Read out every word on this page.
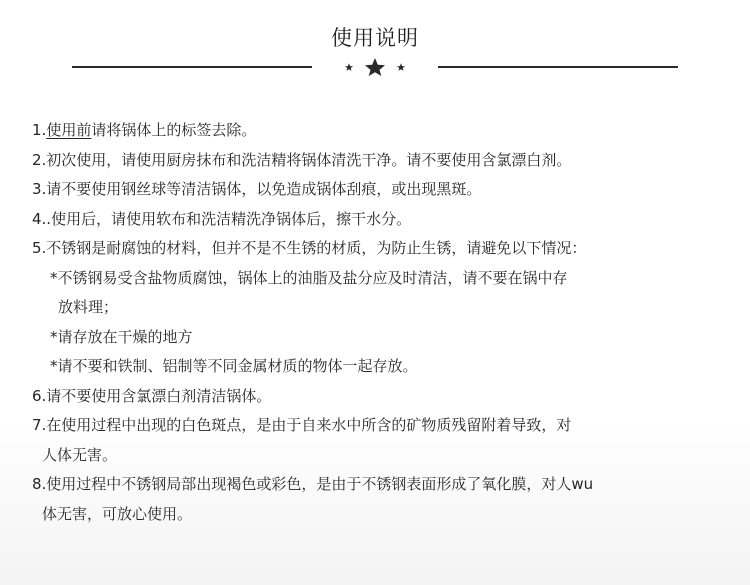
使用说明
1.使用前请将锅体上的标签去除。
2.初次使用，请使用厨房抹布和洗洁精将锅体清洗干净。请不要使用含氯漂白剂。
3.请不要使用钢丝球等清洁锅体，以免造成锅体刮痕，或出现黑斑。
4..使用后，请使用软布和洗洁精洗净锅体后，擦干水分。
5.不锈钢是耐腐蚀的材料，但并不是不生锈的材质，为防止生锈，请避免以下情况：
*不锈钢易受含盐物质腐蚀，锅体上的油脂及盐分应及时清洁，请不要在锅中存
放料理；
*请存放在干燥的地方
*请不要和铁制、铝制等不同金属材质的物体一起存放。
6.请不要使用含氯漂白剂清洁锅体。
7.在使用过程中出现的白色斑点，是由于自来水中所含的矿物质残留附着导致，对
人体无害。
8.使用过程中不锈钢局部出现褐色或彩色，是由于不锈钢表面形成了氧化膜，对人wu
体无害，可放心使用。
